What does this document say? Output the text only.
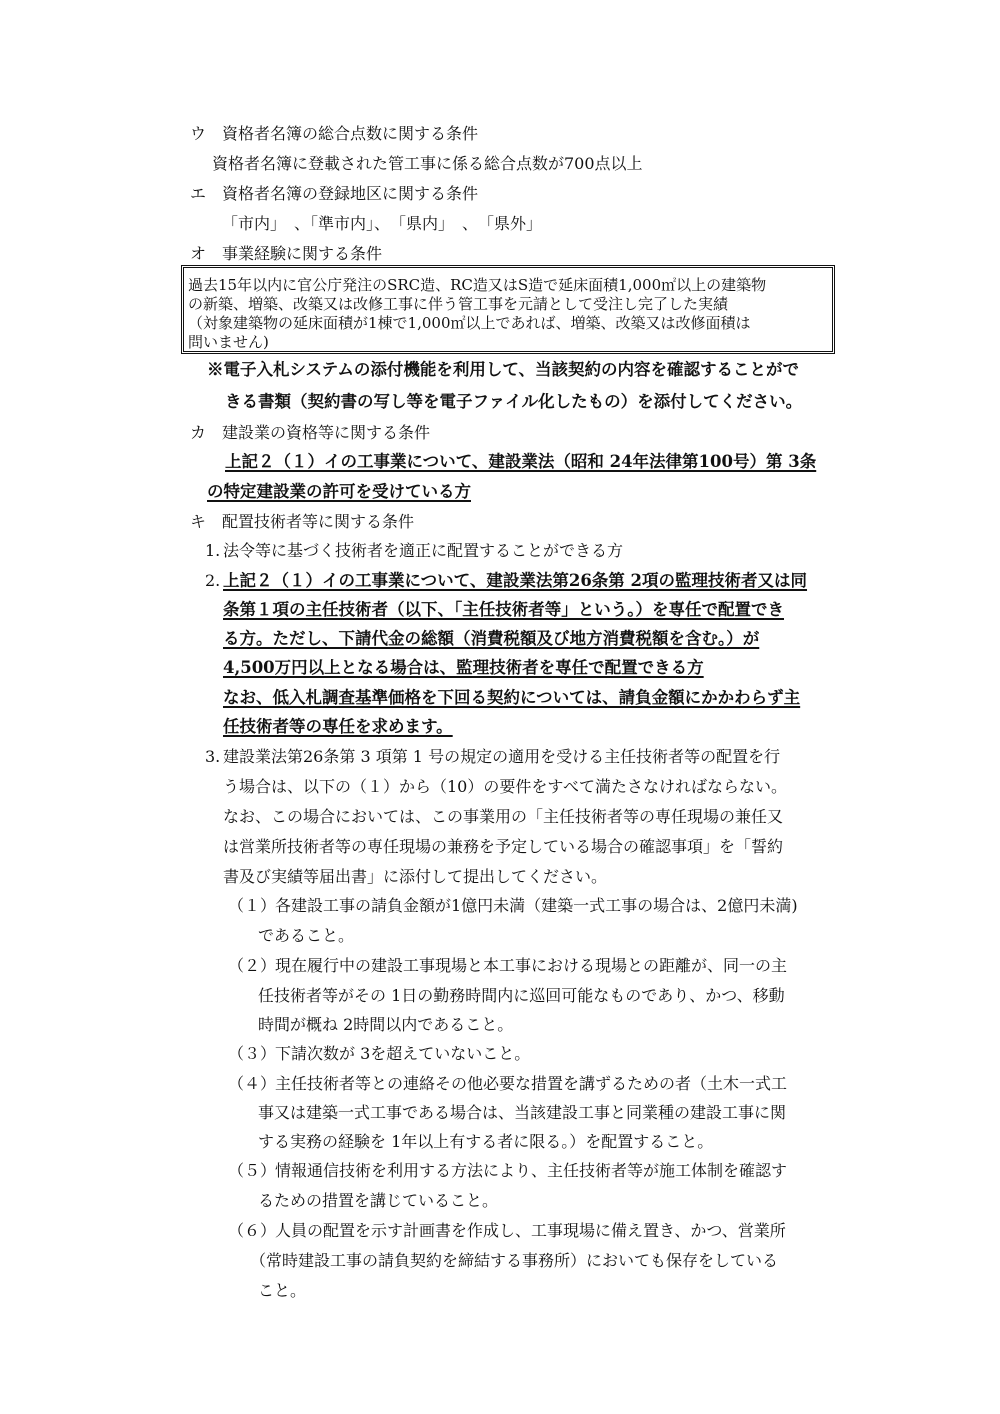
ウ　資格者名簿の総合点数に関する条件
資格者名簿に登載された管工事に係る総合点数が700点以上
エ　資格者名簿の登録地区に関する条件
「市内」　、「準市内」、　「県内」　、　「県外」
オ　事業経験に関する条件
過去15年以内に官公庁発注のSRC造、RC造又はS造で延床面積1,000㎡以上の建築物
の新築、増築、改築又は改修工事に伴う管工事を元請として受注し完了した実績
（対象建築物の延床面積が1棟で1,000㎡以上であれば、増築、改築又は改修面積は
問いません)
※電子入札システムの添付機能を利用して、当該契約の内容を確認することがで
きる書類（契約書の写し等を電子ファイル化したもの）を添付してください。
カ　建設業の資格等に関する条件
上記２（１）イの工事業について、建設業法（昭和 24年法律第100号）第 3条
の特定建設業の許可を受けている方
キ　配置技術者等に関する条件
1. 法令等に基づく技術者を適正に配置することができる方
2. 上記２（１）イの工事業について、建設業法第26条第 2項の監理技術者又は同
条第１項の主任技術者（以下、「主任技術者等」という。）を専任で配置でき
る方。ただし、下請代金の総額（消費税額及び地方消費税額を含む。）が
4,500万円以上となる場合は、監理技術者を専任で配置できる方
なお、低入札調査基準価格を下回る契約については、請負金額にかかわらず主
任技術者等の専任を求めます。
3. 建設業法第26条第 3 項第 1 号の規定の適用を受ける主任技術者等の配置を行
う場合は、以下の（１）から（10）の要件をすべて満たさなければならない。
なお、この場合においては、この事業用の「主任技術者等の専任現場の兼任又
は営業所技術者等の専任現場の兼務を予定している場合の確認事項」を「誓約
書及び実績等届出書」に添付して提出してください。
（１）
各建設工事の請負金額が1億円未満（建築一式工事の場合は、2億円未満)
であること。
（２）
現在履行中の建設工事現場と本工事における現場との距離が、同一の主
任技術者等がその 1日の勤務時間内に巡回可能なものであり、かつ、移動
時間が概ね 2時間以内であること。
（３）
下請次数が 3を超えていないこと。
（４）
主任技術者等との連絡その他必要な措置を講ずるための者（土木一式工
事又は建築一式工事である場合は、当該建設工事と同業種の建設工事に関
する実務の経験を 1年以上有する者に限る。）を配置すること。
（５）
情報通信技術を利用する方法により、主任技術者等が施工体制を確認す
るための措置を講じていること。
（６）
人員の配置を示す計画書を作成し、工事現場に備え置き、かつ、営業所
（常時建設工事の請負契約を締結する事務所）においても保存をしている
こと。
